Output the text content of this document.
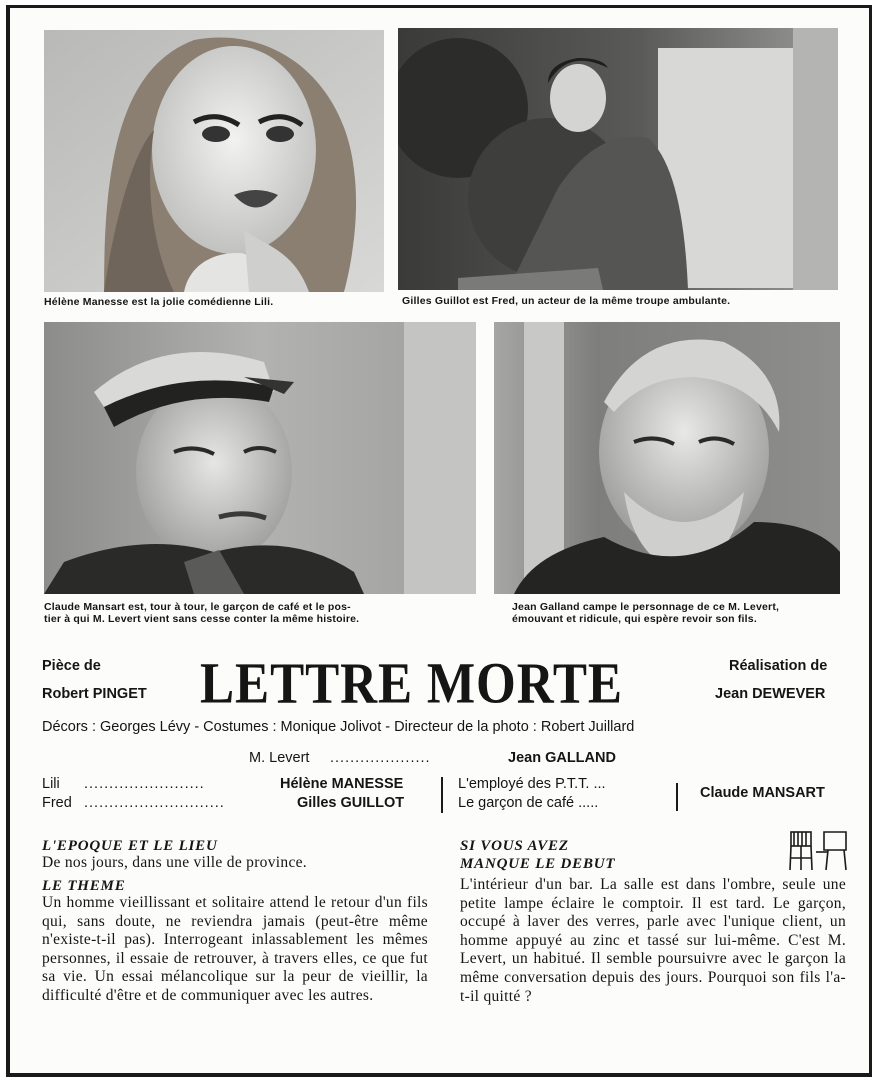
Hélène Manesse est la jolie comédienne Lili.	Gilles Guillot est Fred, un acteur de la même troupe ambulante.
Claude Mansart est, tour à tour, le garçon de café et le pos-
tier à qui M. Levert vient sans cesse conter la même histoire.
Jean Galland campe le personnage de ce M. Levert,
émouvant et ridicule, qui espère revoir son fils.
Pièce de
Robert PINGET LETTRE MORTE	Réalisation de
Jean DEWEVER
Décors : Georges Lévy - Costumes : Monique Jolivot - Directeur de la photo : Robert Juillard
M. Levert ....................	Jean GALLAND
Lili ........................	Hélène MANESSE
Fred ............................	Gilles GUILLOT
L'employé des P.T.T. ...
Le garçon de café .....
Claude MANSART
L'EPOQUE ET LE LIEU
De nos jours, dans une ville de province.
LE THEME
Un homme vieillissant et solitaire attend le retour d'un fils qui, sans doute, ne reviendra jamais (peut-être même n'existe-t-il pas). Interrogeant inlassablement les mêmes personnes, il essaie de retrouver, à travers elles, ce que fut sa vie. Un essai mélancolique sur la peur de vieillir, la difficulté d'être et de communiquer avec les autres.
SI VOUS AVEZ
MANQUE LE DEBUT
L'intérieur d'un bar. La salle est dans l'ombre, seule une petite lampe éclaire le comptoir. Il est tard. Le garçon, occupé à laver des verres, parle avec l'unique client, un homme appuyé au zinc et tassé sur lui-même. C'est M. Levert, un habitué. Il semble poursuivre avec le garçon la même conversation depuis des jours. Pourquoi son fils l'a-t-il quitté ?
